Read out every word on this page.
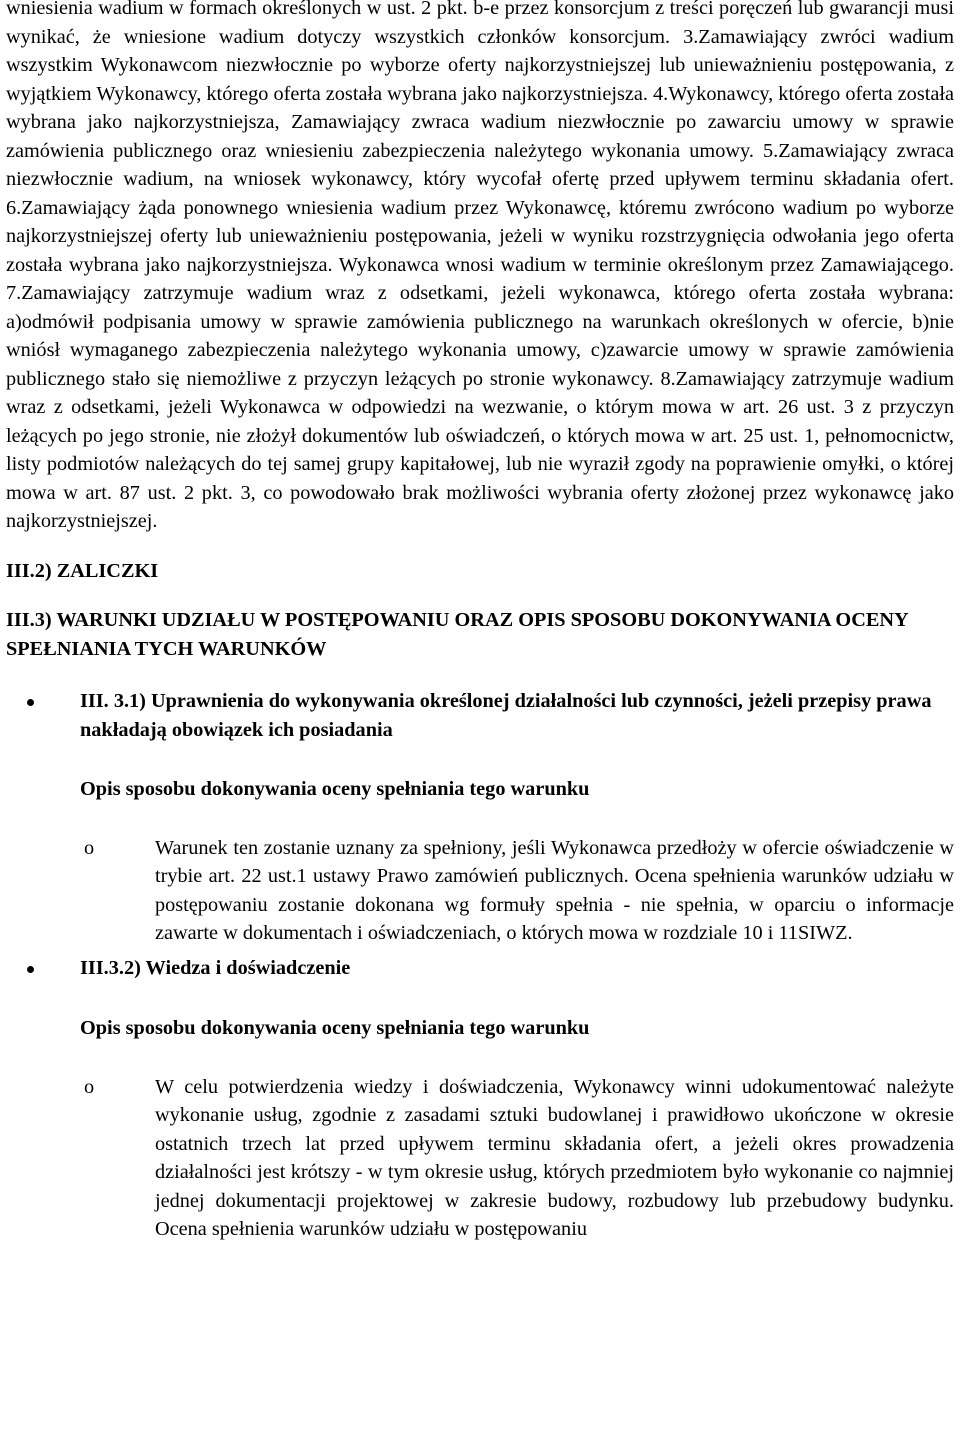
wniesienia wadium w formach określonych w ust. 2 pkt. b-e przez konsorcjum z treści poręczeń lub gwarancji musi wynikać, że wniesione wadium dotyczy wszystkich członków konsorcjum. 3.Zamawiający zwróci wadium wszystkim Wykonawcom niezwłocznie po wyborze oferty najkorzystniejszej lub unieważnieniu postępowania, z wyjątkiem Wykonawcy, którego oferta została wybrana jako najkorzystniejsza. 4.Wykonawcy, którego oferta została wybrana jako najkorzystniejsza, Zamawiający zwraca wadium niezwłocznie po zawarciu umowy w sprawie zamówienia publicznego oraz wniesieniu zabezpieczenia należytego wykonania umowy. 5.Zamawiający zwraca niezwłocznie wadium, na wniosek wykonawcy, który wycofał ofertę przed upływem terminu składania ofert. 6.Zamawiający żąda ponownego wniesienia wadium przez Wykonawcę, któremu zwrócono wadium po wyborze najkorzystniejszej oferty lub unieważnieniu postępowania, jeżeli w wyniku rozstrzygnięcia odwołania jego oferta została wybrana jako najkorzystniejsza. Wykonawca wnosi wadium w terminie określonym przez Zamawiającego. 7.Zamawiający zatrzymuje wadium wraz z odsetkami, jeżeli wykonawca, którego oferta została wybrana: a)odmówił podpisania umowy w sprawie zamówienia publicznego na warunkach określonych w ofercie, b)nie wniósł wymaganego zabezpieczenia należytego wykonania umowy, c)zawarcie umowy w sprawie zamówienia publicznego stało się niemożliwe z przyczyn leżących po stronie wykonawcy. 8.Zamawiający zatrzymuje wadium wraz z odsetkami, jeżeli Wykonawca w odpowiedzi na wezwanie, o którym mowa w art. 26 ust. 3 z przyczyn leżących po jego stronie, nie złożył dokumentów lub oświadczeń, o których mowa w art. 25 ust. 1, pełnomocnictw, listy podmiotów należących do tej samej grupy kapitałowej, lub nie wyraził zgody na poprawienie omyłki, o której mowa w art. 87 ust. 2 pkt. 3, co powodowało brak możliwości wybrania oferty złożonej przez wykonawcę jako najkorzystniejszej.

III.2) ZALICZKI

III.3) WARUNKI UDZIAŁU W POSTĘPOWANIU ORAZ OPIS SPOSOBU DOKONYWANIA OCENY SPEŁNIANIA TYCH WARUNKÓW

III. 3.1) Uprawnienia do wykonywania określonej działalności lub czynności, jeżeli przepisy prawa nakładają obowiązek ich posiadania
Opis sposobu dokonywania oceny spełniania tego warunku
o	Warunek ten zostanie uznany za spełniony, jeśli Wykonawca przedłoży w ofercie oświadczenie w trybie art. 22 ust.1 ustawy Prawo zamówień publicznych. Ocena spełnienia warunków udziału w postępowaniu zostanie dokonana wg formuły spełnia - nie spełnia, w oparciu o informacje zawarte w dokumentach i oświadczeniach, o których mowa w rozdziale 10 i 11SIWZ.
III.3.2) Wiedza i doświadczenie
Opis sposobu dokonywania oceny spełniania tego warunku
o	W celu potwierdzenia wiedzy i doświadczenia, Wykonawcy winni udokumentować należyte wykonanie usług, zgodnie z zasadami sztuki budowlanej i prawidłowo ukończone w okresie ostatnich trzech lat przed upływem terminu składania ofert, a jeżeli okres prowadzenia działalności jest krótszy - w tym okresie usług, których przedmiotem było wykonanie co najmniej jednej dokumentacji projektowej w zakresie budowy, rozbudowy lub przebudowy budynku. Ocena spełnienia warunków udziału w postępowaniu
